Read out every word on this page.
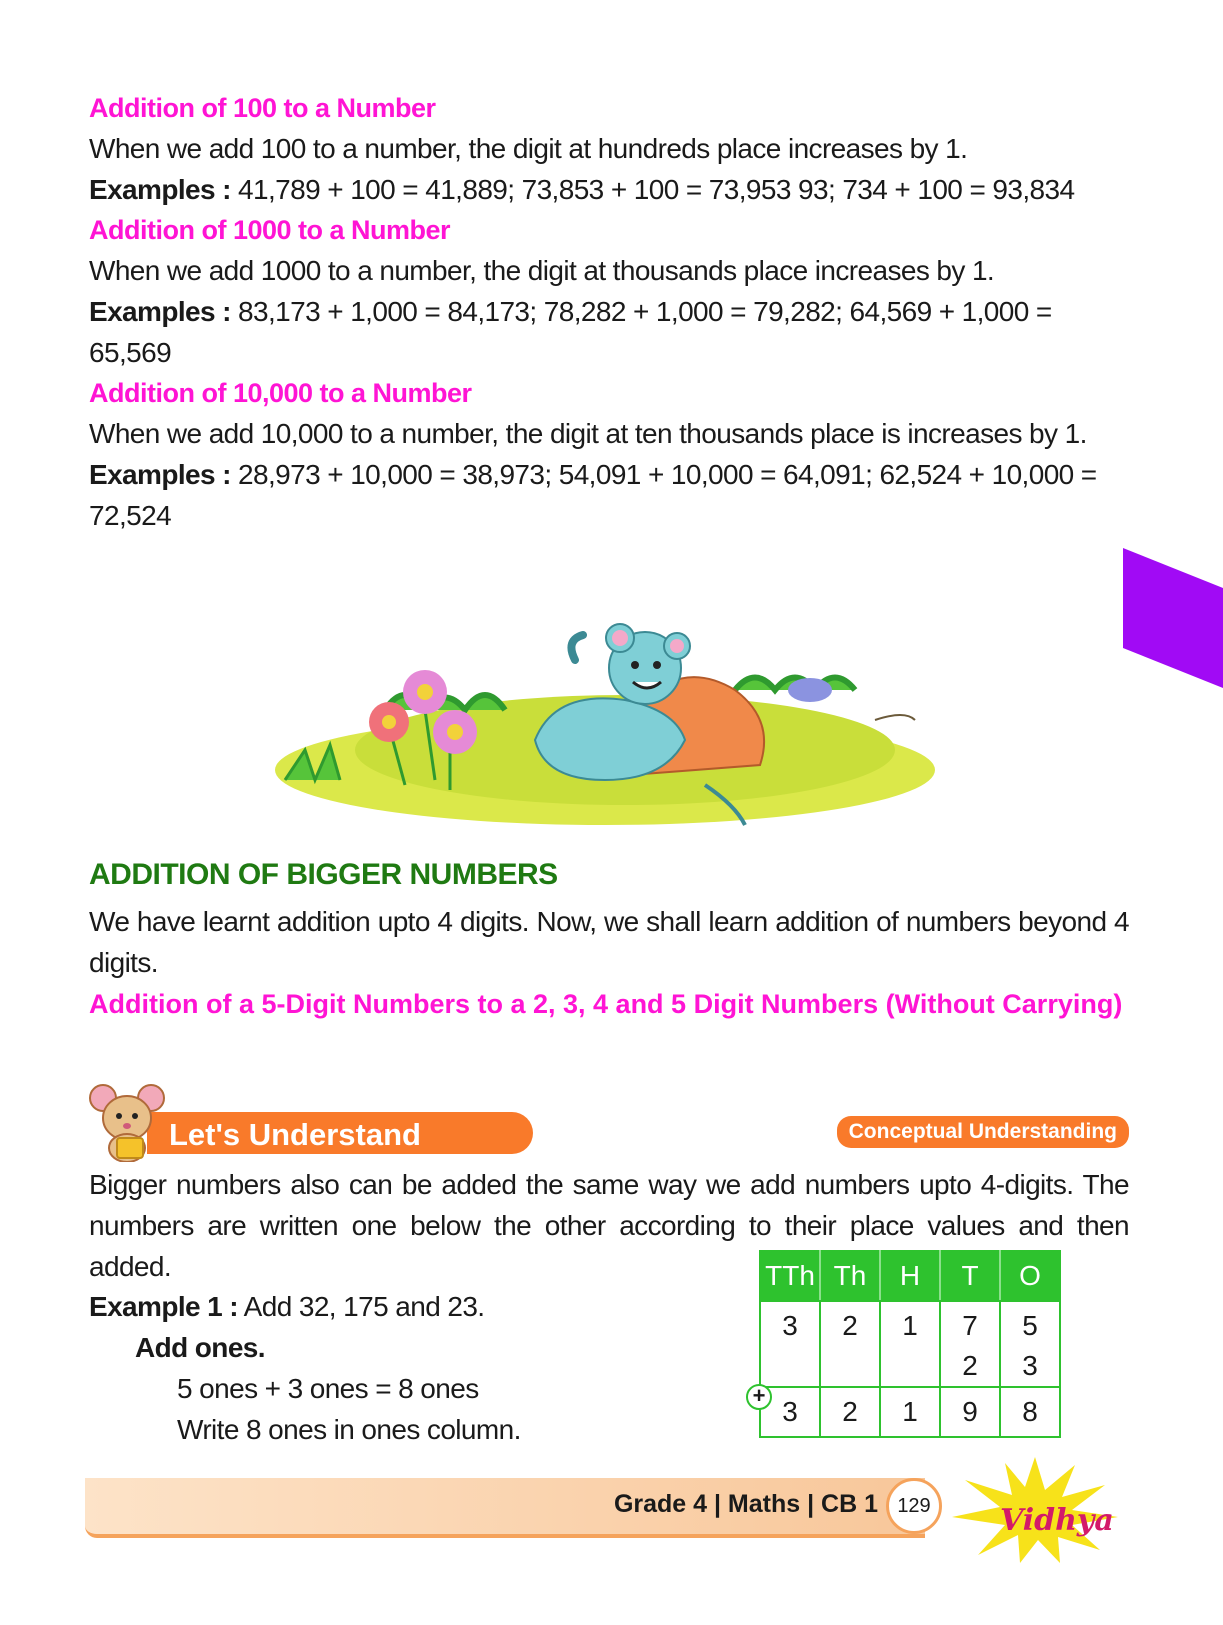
Addition of 100 to a Number

When we add 100 to a number, the digit at hundreds place increases by 1.

Examples : 41,789 + 100 = 41,889; 73,853 + 100 = 73,953 93; 734 + 100 = 93,834

Addition of 1000 to a Number

When we add 1000 to a number, the digit at thousands place increases by 1.

Examples : 83,173 + 1,000 = 84,173; 78,282 + 1,000 = 79,282; 64,569 + 1,000 = 65,569

Addition of 10,000 to a Number

When we add 10,000 to a number, the digit at ten thousands place is increases by 1.

Examples : 28,973 + 10,000 = 38,973; 54,091 + 10,000 = 64,091; 62,524 + 10,000 = 72,524

ADDITION OF BIGGER NUMBERS

We have learnt addition upto 4 digits. Now, we shall learn addition of numbers beyond 4 digits.

Addition of a 5-Digit Numbers to a 2, 3, 4 and 5 Digit Numbers (Without Carrying)

Let's Understand	Conceptual Understanding

Bigger numbers also can be added the same way we add numbers upto 4-digits. The numbers are written one below the other according to their place values and then added.

Example 1 : Add 32, 175 and 23.

Add ones.

5 ones + 3 ones = 8 ones

Write 8 ones in ones column.

TTh	Th	H	T	O
3	2	1	7	5
			2	3
3	2	1	9	8
+
Grade 4 | Maths | CB 1 129	Vidhya
